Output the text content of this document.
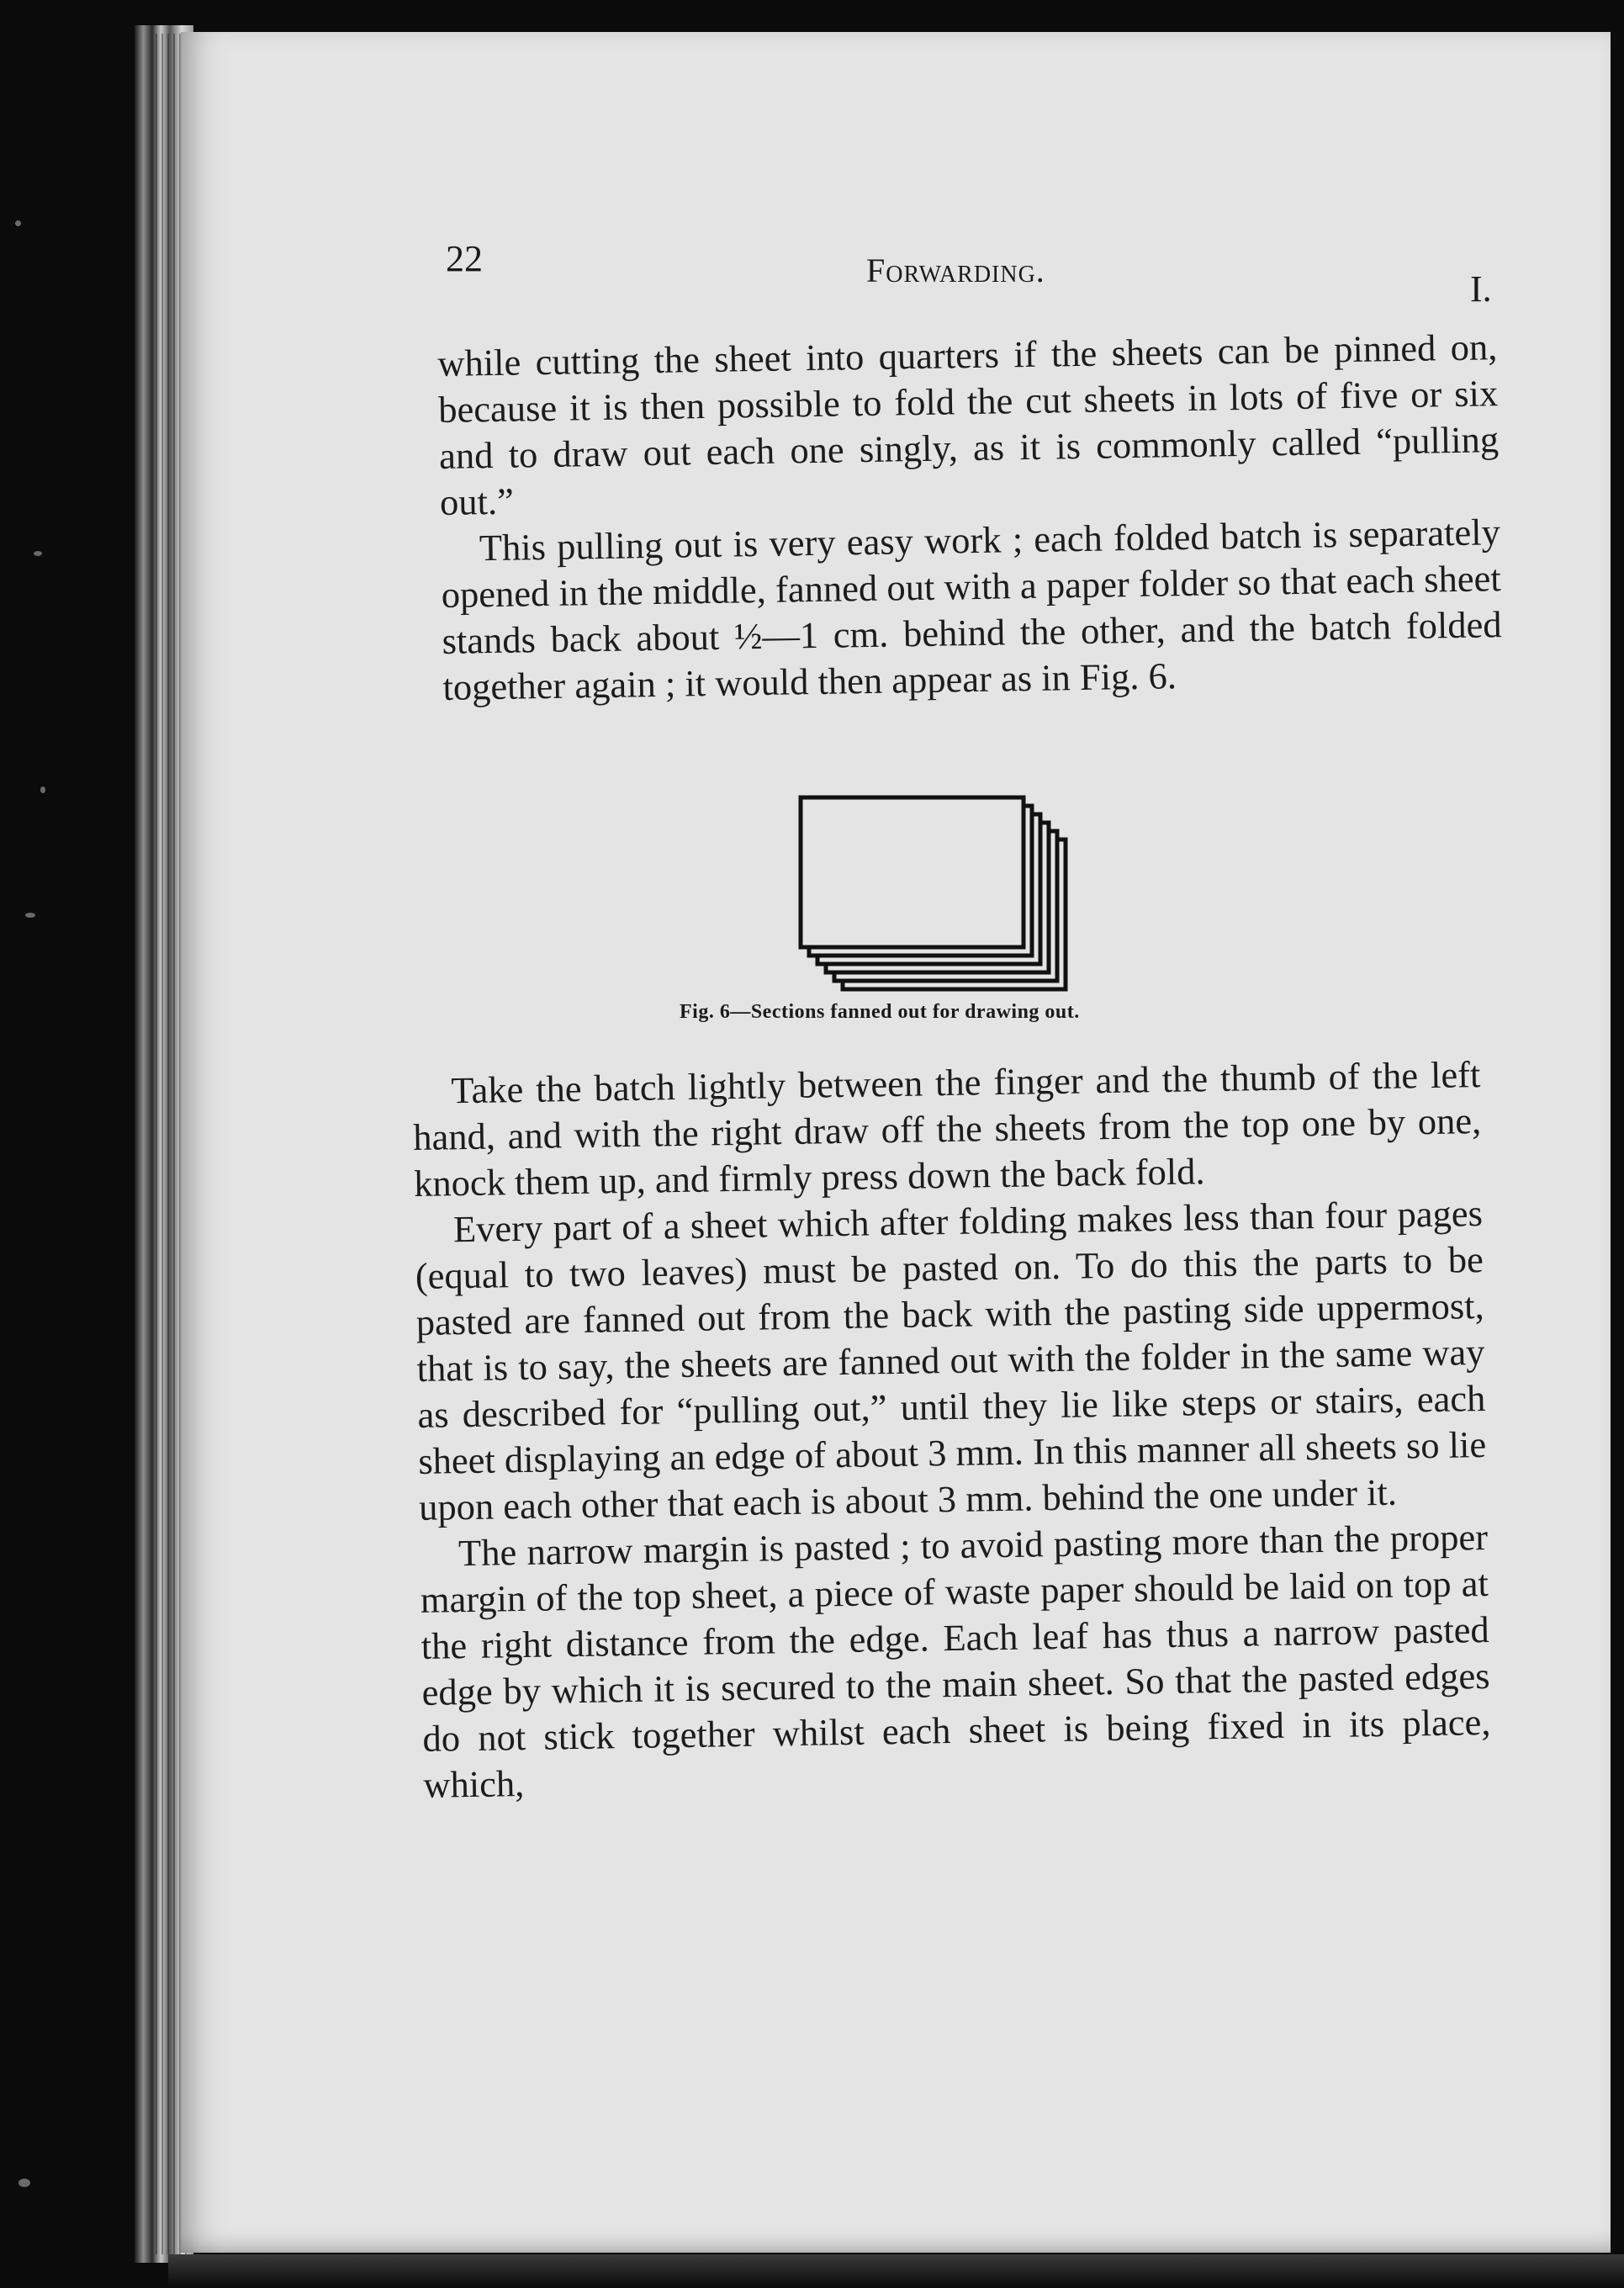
22	Forwarding.	I.

while cutting the sheet into quarters if the sheets can be pinned on, because it is then possible to fold the cut sheets in lots of five or six and to draw out each one singly, as it is commonly called “pulling out.”

This pulling out is very easy work ; each folded batch is separately opened in the middle, fanned out with a paper folder so that each sheet stands back about ½—1 cm. behind the other, and the batch folded together again ; it would then appear as in Fig. 6.

Fig. 6—Sections fanned out for drawing out.

Take the batch lightly between the finger and the thumb of the left hand, and with the right draw off the sheets from the top one by one, knock them up, and firmly press down the back fold.

Every part of a sheet which after folding makes less than four pages (equal to two leaves) must be pasted on. To do this the parts to be pasted are fanned out from the back with the pasting side uppermost, that is to say, the sheets are fanned out with the folder in the same way as described for “pulling out,” until they lie like steps or stairs, each sheet displaying an edge of about 3 mm. In this manner all sheets so lie upon each other that each is about 3 mm. behind the one under it.

The narrow margin is pasted ; to avoid pasting more than the proper margin of the top sheet, a piece of waste paper should be laid on top at the right distance from the edge. Each leaf has thus a narrow pasted edge by which it is secured to the main sheet. So that the pasted edges do not stick together whilst each sheet is being fixed in its place, which,
